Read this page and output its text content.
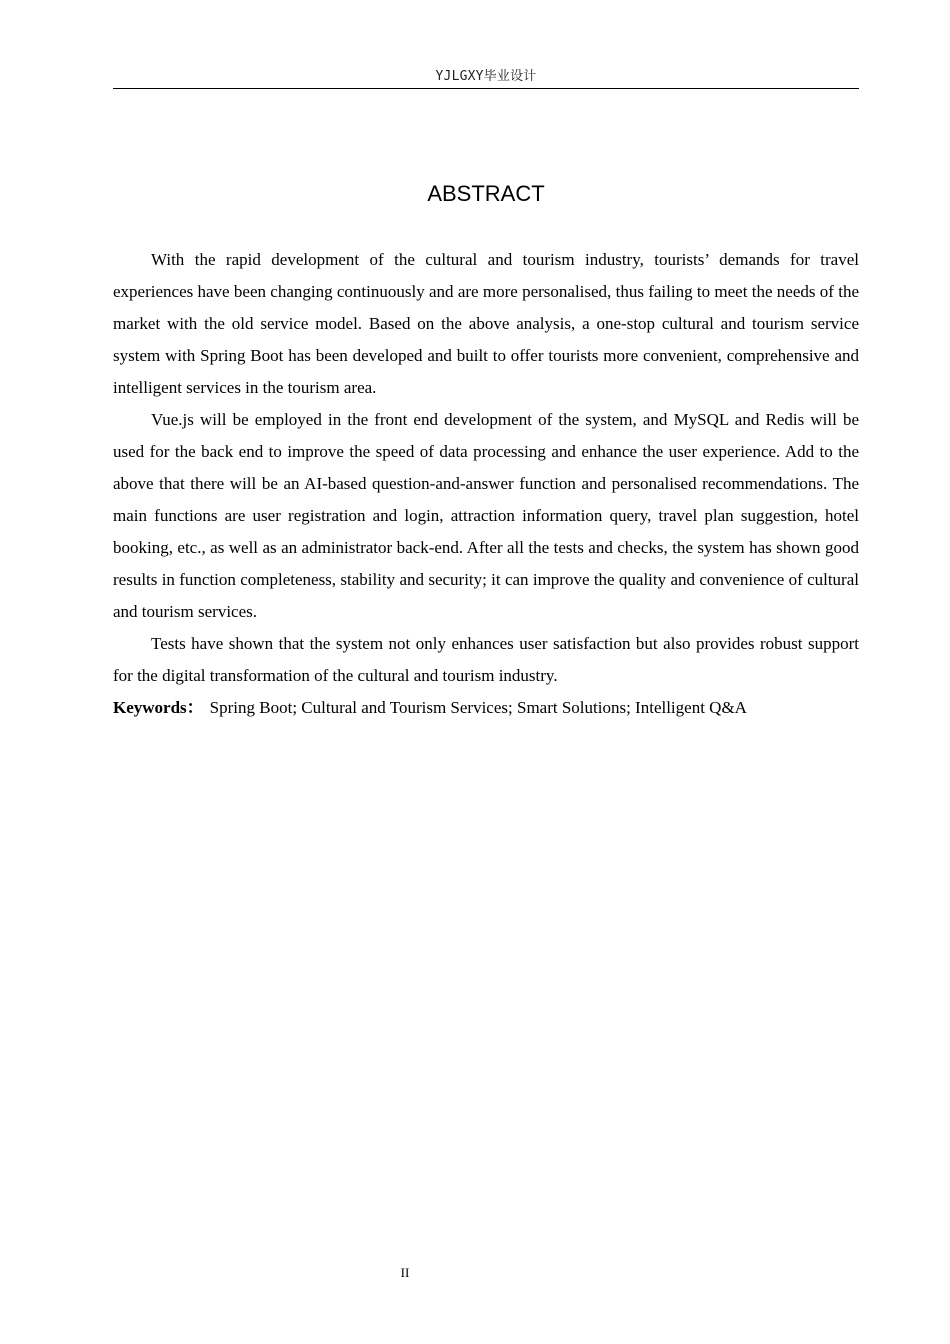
YJLGXY毕业设计
ABSTRACT

With the rapid development of the cultural and tourism industry, tourists’ demands for travel experiences have been changing continuously and are more personalised, thus failing to meet the needs of the market with the old service model. Based on the above analysis, a one-stop cultural and tourism service system with Spring Boot has been developed and built to offer tourists more convenient, comprehensive and intelligent services in the tourism area.

Vue.js will be employed in the front end development of the system, and MySQL and Redis will be used for the back end to improve the speed of data processing and enhance the user experience. Add to the above that there will be an AI-based question-and-answer function and personalised recommendations. The main functions are user registration and login, attraction information query, travel plan suggestion, hotel booking, etc., as well as an administrator back-end. After all the tests and checks, the system has shown good results in function completeness, stability and security; it can improve the quality and convenience of cultural and tourism services.

Tests have shown that the system not only enhances user satisfaction but also provides robust support for the digital transformation of the cultural and tourism industry.

Keywords： Spring Boot; Cultural and Tourism Services; Smart Solutions; Intelligent Q&A

II
